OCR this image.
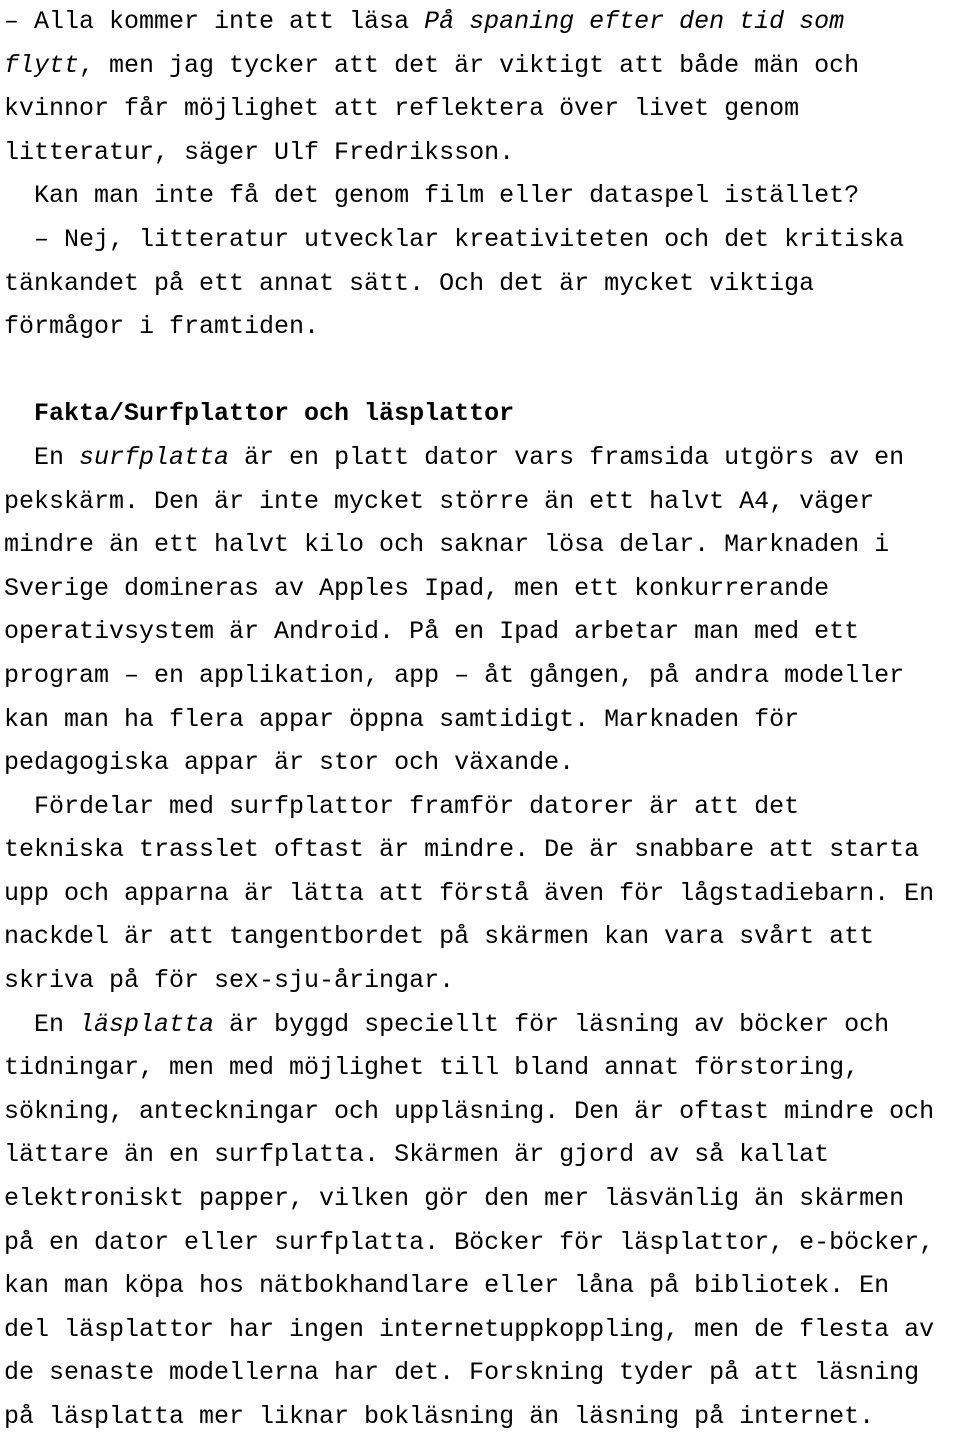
– Alla kommer inte att läsa På spaning efter den tid som
flytt, men jag tycker att det är viktigt att både män och
kvinnor får möjlighet att reflektera över livet genom
litteratur, säger Ulf Fredriksson.
Kan man inte få det genom film eller dataspel istället?
– Nej, litteratur utvecklar kreativiteten och det kritiska
tänkandet på ett annat sätt. Och det är mycket viktiga
förmågor i framtiden.
Fakta/Surfplattor och läsplattor
En surfplatta är en platt dator vars framsida utgörs av en
pekskärm. Den är inte mycket större än ett halvt A4, väger
mindre än ett halvt kilo och saknar lösa delar. Marknaden i
Sverige domineras av Apples Ipad, men ett konkurrerande
operativsystem är Android. På en Ipad arbetar man med ett
program – en applikation, app – åt gången, på andra modeller
kan man ha flera appar öppna samtidigt. Marknaden för
pedagogiska appar är stor och växande.
Fördelar med surfplattor framför datorer är att det
tekniska trasslet oftast är mindre. De är snabbare att starta
upp och apparna är lätta att förstå även för lågstadiebarn. En
nackdel är att tangentbordet på skärmen kan vara svårt att
skriva på för sex-sju-åringar.
En läsplatta är byggd speciellt för läsning av böcker och
tidningar, men med möjlighet till bland annat förstoring,
sökning, anteckningar och uppläsning. Den är oftast mindre och
lättare än en surfplatta. Skärmen är gjord av så kallat
elektroniskt papper, vilken gör den mer läsvänlig än skärmen
på en dator eller surfplatta. Böcker för läsplattor, e-böcker,
kan man köpa hos nätbokhandlare eller låna på bibliotek. En
del läsplattor har ingen internetuppkoppling, men de flesta av
de senaste modellerna har det. Forskning tyder på att läsning
på läsplatta mer liknar bokläsning än läsning på internet.
